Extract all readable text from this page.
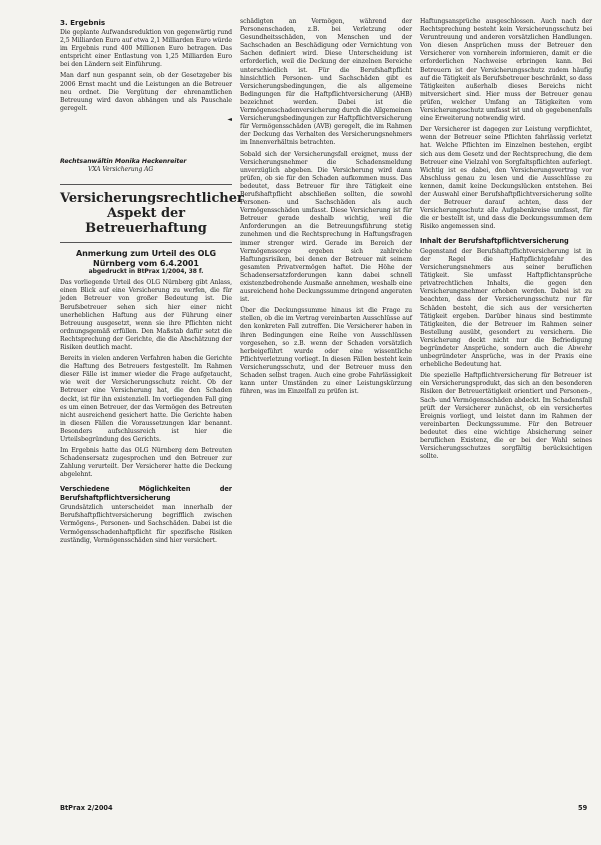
3. Ergebnis

Die geplante Aufwandsreduktion von gegenwärtig rund 2,5 Milliarden Euro auf etwa 2,1 Milliarden Euro würde im Ergebnis rund 400 Millionen Euro betragen. Das entspricht einer Entlastung von 1,25 Milliarden Euro bei den Ländern seit Einführung.

Man darf nun gespannt sein, ob der Gesetzgeber bis 2006 Ernst macht und die Leistungen an die Betreuer neu ordnet. Die Vergütung der ehrenamtlichen Betreuung wird davon abhängen und als Pauschale geregelt.

◄
Rechtsanwältin Monika Heckenreiter
VXA Versicherung AG
Versicherungsrechtlicher Aspekt der Betreuerhaftung
Anmerkung zum Urteil des OLG Nürnberg vom 6.4.2001
abgedruckt in BtPrax 1/2004, 38 f.

Das vorliegende Urteil des OLG Nürnberg gibt Anlass, einen Blick auf eine Versicherung zu werfen, die für jeden Betreuer von großer Bedeutung ist. Die Berufsbetreuer sehen sich hier einer nicht unerheblichen Haftung aus der Führung einer Betreuung ausgesetzt, wenn sie ihre Pflichten nicht ordnungsgemäß erfüllen. Den Maßstab dafür setzt die Rechtsprechung der Gerichte, die die Abschätzung der Risiken deutlich macht.

Bereits in vielen anderen Verfahren haben die Gerichte die Haftung des Betreuers festgestellt. Im Rahmen dieser Fälle ist immer wieder die Frage aufgetaucht, wie weit der Versicherungsschutz reicht. Ob der Betreuer eine Versicherung hat, die den Schaden deckt, ist für ihn existenziell. Im vorliegenden Fall ging es um einen Betreuer, der das Vermögen des Betreuten nicht ausreichend gesichert hatte. Die Gerichte haben in diesen Fällen die Voraussetzungen klar benannt. Besonders aufschlussreich ist hier die Urteilsbegründung des Gerichts.

Im Ergebnis hatte das OLG Nürnberg dem Betreuten Schadensersatz zugesprochen und den Betreuer zur Zahlung verurteilt. Der Versicherer hatte die Deckung abgelehnt.

Verschiedene Möglichkeiten der Berufshaftpflichtversicherung

Grundsätzlich unterscheidet man innerhalb der Berufshaftpflichtversicherung begrifflich zwischen Vermögens-, Personen- und Sachschäden. Dabei ist die Vermögensschadenhaftpflicht für spezifische Risiken zuständig, Vermögensschäden sind hier versichert.

schädigten an Vermögen, während der Personenschaden, z.B. bei Verletzung oder Gesundheitsschäden, von Menschen und der Sachschaden an Beschädigung oder Vernichtung von Sachen definiert wird. Diese Unterscheidung ist erforderlich, weil die Deckung der einzelnen Bereiche unterschiedlich ist. Für die Berufshaftpflicht hinsichtlich Personen- und Sachschäden gibt es Versicherungsbedingungen, die als allgemeine Bedingungen für die Haftpflichtversicherung (AHB) bezeichnet werden. Dabei ist die Vermögensschadenversicherung durch die Allgemeinen Versicherungsbedingungen zur Haftpflichtversicherung für Vermögensschäden (AVB) geregelt, die im Rahmen der Deckung das Verhalten des Versicherungsnehmers im Innenverhältnis betrachten.

Sobald sich der Versicherungsfall ereignet, muss der Versicherungsnehmer die Schadensmeldung unverzüglich abgeben. Die Versicherung wird dann prüfen, ob sie für den Schaden aufkommen muss. Das bedeutet, dass Betreuer für ihre Tätigkeit eine Berufshaftpflicht abschließen sollten, die sowohl Personen- und Sachschäden als auch Vermögensschäden umfasst. Diese Versicherung ist für Betreuer gerade deshalb wichtig, weil die Anforderungen an die Betreuungsführung stetig zunehmen und die Rechtsprechung in Haftungsfragen immer strenger wird. Gerade im Bereich der Vermögenssorge ergeben sich zahlreiche Haftungsrisiken, bei denen der Betreuer mit seinem gesamten Privatvermögen haftet. Die Höhe der Schadensersatzforderungen kann dabei schnell existenzbedrohende Ausmaße annehmen, weshalb eine ausreichend hohe Deckungssumme dringend angeraten ist.

Über die Deckungssumme hinaus ist die Frage zu stellen, ob die im Vertrag vereinbarten Ausschlüsse auf den konkreten Fall zutreffen. Die Versicherer haben in ihren Bedingungen eine Reihe von Ausschlüssen vorgesehen, so z.B. wenn der Schaden vorsätzlich herbeigeführt wurde oder eine wissentliche Pflichtverletzung vorliegt. In diesen Fällen besteht kein Versicherungsschutz, und der Betreuer muss den Schaden selbst tragen. Auch eine grobe Fahrlässigkeit kann unter Umständen zu einer Leistungskürzung führen, was im Einzelfall zu prüfen ist.

Haftungsansprüche ausgeschlossen. Auch nach der Rechtsprechung besteht kein Versicherungsschutz bei Veruntreuung und anderen vorsätzlichen Handlungen. Von diesen Ansprüchen muss der Betreuer den Versicherer von vornherein informieren, damit er die erforderlichen Nachweise erbringen kann. Bei Betreuern ist der Versicherungsschutz zudem häufig auf die Tätigkeit als Berufsbetreuer beschränkt, so dass Tätigkeiten außerhalb dieses Bereichs nicht mitversichert sind. Hier muss der Betreuer genau prüfen, welcher Umfang an Tätigkeiten vom Versicherungsschutz umfasst ist und ob gegebenenfalls eine Erweiterung notwendig wird.

Der Versicherer ist dagegen zur Leistung verpflichtet, wenn der Betreuer seine Pflichten fahrlässig verletzt hat. Welche Pflichten im Einzelnen bestehen, ergibt sich aus dem Gesetz und der Rechtsprechung, die dem Betreuer eine Vielzahl von Sorgfaltspflichten auferlegt. Wichtig ist es dabei, den Versicherungsvertrag vor Abschluss genau zu lesen und die Ausschlüsse zu kennen, damit keine Deckungslücken entstehen. Bei der Auswahl einer Berufshaftpflichtversicherung sollte der Betreuer darauf achten, dass der Versicherungsschutz alle Aufgabenkreise umfasst, für die er bestellt ist, und dass die Deckungssummen dem Risiko angemessen sind.

Inhalt der Berufshaftpflichtversicherung

Gegenstand der Berufshaftpflichtversicherung ist in der Regel die Haftpflichtgefahr des Versicherungsnehmers aus seiner beruflichen Tätigkeit. Sie umfasst Haftpflichtansprüche privatrechtlichen Inhalts, die gegen den Versicherungsnehmer erhoben werden. Dabei ist zu beachten, dass der Versicherungsschutz nur für Schäden besteht, die sich aus der versicherten Tätigkeit ergeben. Darüber hinaus sind bestimmte Tätigkeiten, die der Betreuer im Rahmen seiner Bestellung ausübt, gesondert zu versichern. Die Versicherung deckt nicht nur die Befriedigung begründeter Ansprüche, sondern auch die Abwehr unbegründeter Ansprüche, was in der Praxis eine erhebliche Bedeutung hat.

Die spezielle Haftpflichtversicherung für Betreuer ist ein Versicherungsprodukt, das sich an den besonderen Risiken der Betreuertätigkeit orientiert und Personen-, Sach- und Vermögensschäden abdeckt. Im Schadensfall prüft der Versicherer zunächst, ob ein versichertes Ereignis vorliegt, und leistet dann im Rahmen der vereinbarten Deckungssumme. Für den Betreuer bedeutet dies eine wichtige Absicherung seiner beruflichen Existenz, die er bei der Wahl seines Versicherungsschutzes sorgfältig berücksichtigen sollte.

BtPrax 2/2004	59
